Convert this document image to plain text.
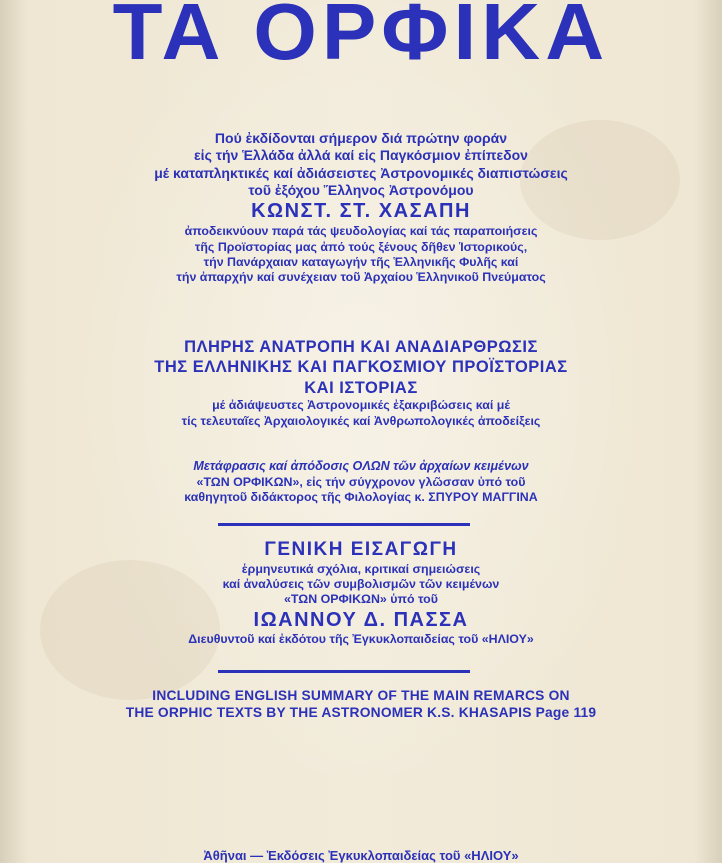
ΤΑ ΟΡΦΙΚΑ
Πού ἐκδίδονται σήμερον διά πρώτην φοράν
εἰς τήν Ἑλλάδα ἀλλά καί εἰς Παγκόσμιον ἐπίπεδον
μέ καταπληκτικές καί ἀδιάσειστες Ἀστρονομικές διαπιστώσεις
τοῦ ἐξόχου Ἕλληνος Ἀστρονόμου
ΚΩΝΣΤ. ΣΤ. ΧΑΣΑΠΗ
ἀποδεικνύουν παρά τάς ψευδολογίας καί τάς παραποιήσεις
τῆς Προϊστορίας μας ἀπό τούς ξένους δῆθεν Ἱστορικούς,
τήν Πανάρχαιαν καταγωγήν τῆς Ἑλληνικῆς Φυλῆς καί
τήν ἀπαρχήν καί συνέχειαν τοῦ Ἀρχαίου Ἑλληνικοῦ Πνεύματος
ΠΛΗΡΗΣ ΑΝΑΤΡΟΠΗ ΚΑΙ ΑΝΑΔΙΑΡΘΡΩΣΙΣ
ΤΗΣ ΕΛΛΗΝΙΚΗΣ ΚΑΙ ΠΑΓΚΟΣΜΙΟΥ ΠΡΟΪΣΤΟΡΙΑΣ
ΚΑΙ ΙΣΤΟΡΙΑΣ
μέ ἀδιάψευστες Ἀστρονομικές ἐξακριβώσεις καί μέ
τίς τελευταῖες Ἀρχαιολογικές καί Ἀνθρωπολογικές ἀποδείξεις
Μετάφρασις καί ἀπόδοσις ΟΛΩΝ τῶν ἀρχαίων κειμένων
«ΤΩΝ ΟΡΦΙΚΩΝ», εἰς τήν σύγχρονον γλῶσσαν ὑπό τοῦ
καθηγητοῦ διδάκτορος τῆς Φιλολογίας κ. ΣΠΥΡΟΥ ΜΑΓΓΙΝΑ
ΓΕΝΙΚΗ ΕΙΣΑΓΩΓΗ
ἑρμηνευτικά σχόλια, κριτικαί σημειώσεις
καί ἀναλύσεις τῶν συμβολισμῶν τῶν κειμένων
«ΤΩΝ ΟΡΦΙΚΩΝ» ὑπό τοῦ
ΙΩΑΝΝΟΥ Δ. ΠΑΣΣΑ
Διευθυντοῦ καί ἐκδότου τῆς Ἐγκυκλοπαιδείας τοῦ «ΗΛΙΟΥ»
INCLUDING ENGLISH SUMMARY OF THE MAIN REMARCS ON
THE ORPHIC TEXTS BY THE ASTRONOMER K.S. KHASAPIS Page 119
Ἀθῆναι — Ἐκδόσεις Ἐγκυκλοπαιδείας τοῦ «ΗΛΙΟΥ»
